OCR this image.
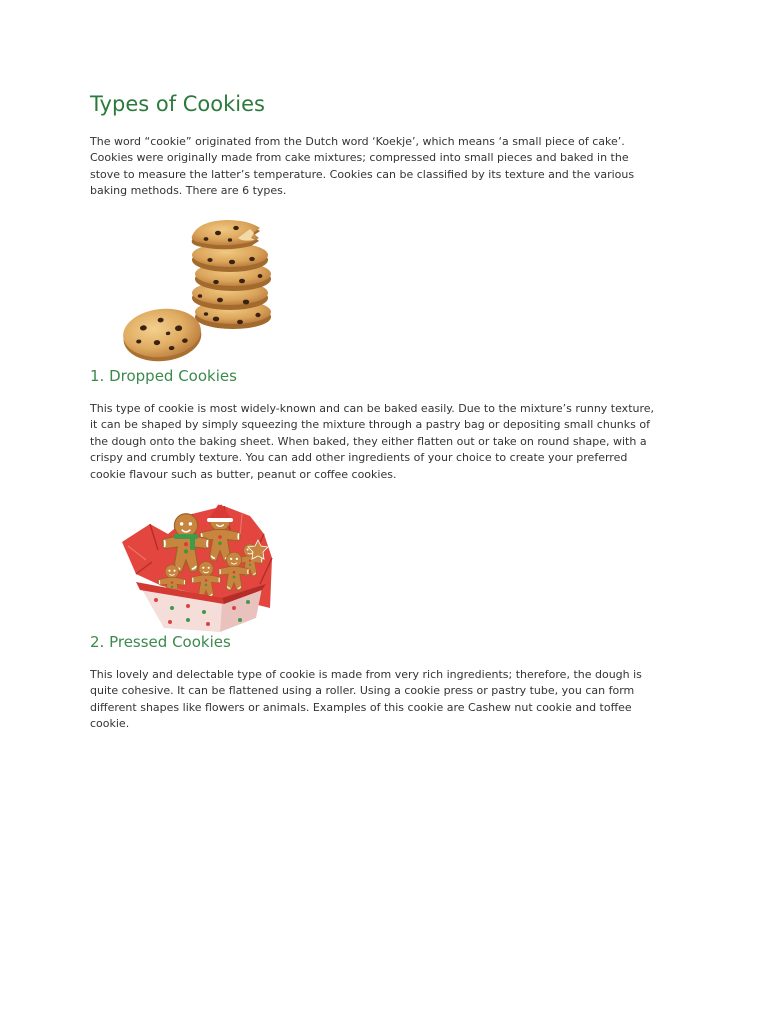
Types of Cookies
The word “cookie” originated from the Dutch word ‘Koekje’, which means ‘a small piece of cake’.
Cookies were originally made from cake mixtures; compressed into small pieces and baked in the
stove to measure the latter’s temperature. Cookies can be classified by its texture and the various
baking methods. There are 6 types.
1. Dropped Cookies
This type of cookie is most widely-known and can be baked easily. Due to the mixture’s runny texture,
it can be shaped by simply squeezing the mixture through a pastry bag or depositing small chunks of
the dough onto the baking sheet. When baked, they either flatten out or take on round shape, with a
crispy and crumbly texture. You can add other ingredients of your choice to create your preferred
cookie flavour such as butter, peanut or coffee cookies.
2. Pressed Cookies
This lovely and delectable type of cookie is made from very rich ingredients; therefore, the dough is
quite cohesive. It can be flattened using a roller. Using a cookie press or pastry tube, you can form
different shapes like flowers or animals. Examples of this cookie are Cashew nut cookie and toffee
cookie.
